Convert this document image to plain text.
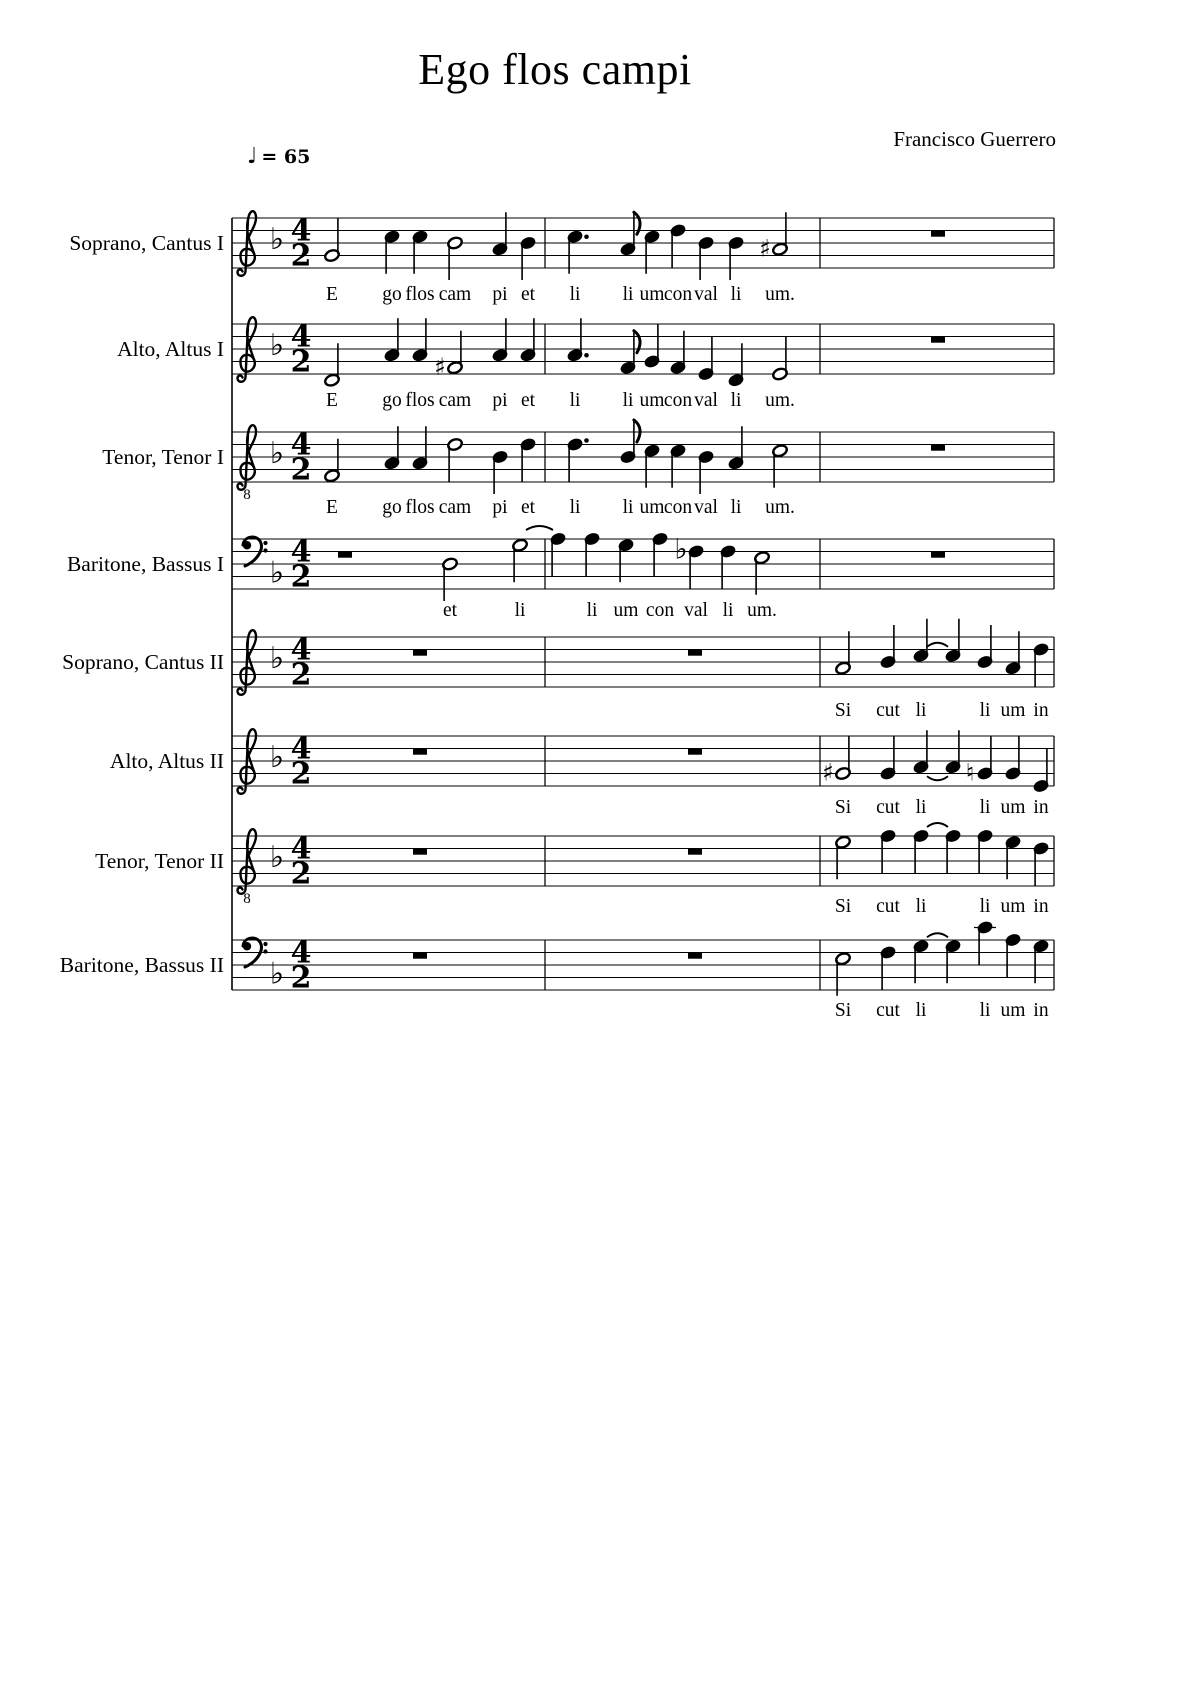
Ego flos campi
Francisco Guerrero
♩ = 65
Soprano, Cantus I
Alto, Altus I
Tenor, Tenor I
Baritone, Bassus I
Soprano, Cantus II
Alto, Altus II
Tenor, Tenor II
Baritone, Bassus II
E	go flos cam	pi et	li	li um con val li	um.
E	go flos cam	pi et	li	li um con val li	um.
E	go flos cam	pi et	li	li um con val li	um.
et	li	li um con val li um.
Si	cut li	li um in
Si	cut li	li um in
Si	cut li	li um in
Si	cut li	li um in
♭ 4
2	♯
♭ 4
2	♯
8
♭ 4
2
♭
4
2
♭
♭ 4
2
♭ 4
2	♯	♮
8
♭ 4
2
♭
4
2
